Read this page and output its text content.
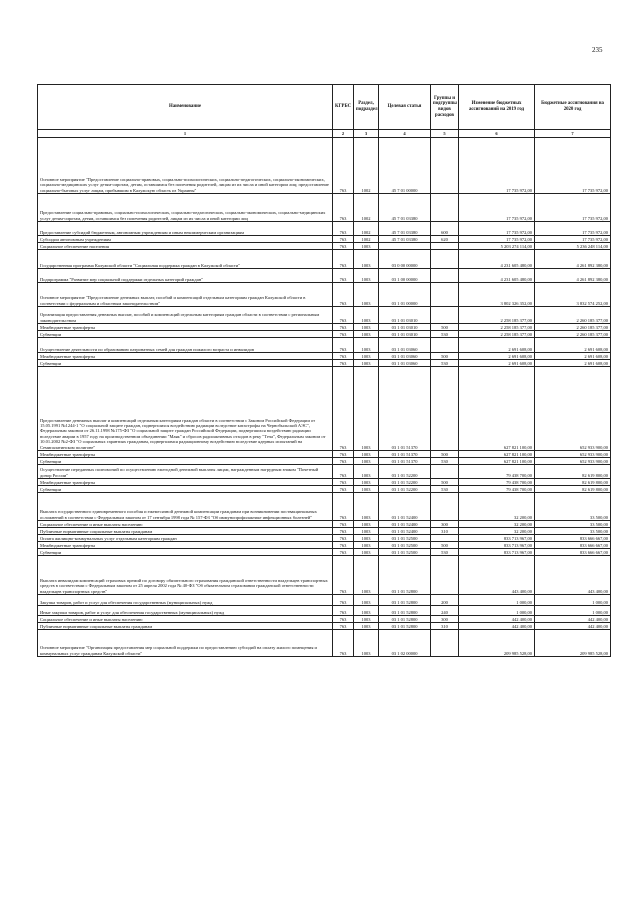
235
Наименование	КГРБС	Раздел, подраздел	Целевая статья	Группы и подгруппы видов расходов	Изменение бюджетных ассигнований на 2019 год	Бюджетные ассигнования на 2020 год
1	2	3	4	5	6	7
Основное мероприятие "Предоставление социально-правовых, социально-психологических, социально-педагогических, социально-экономических, социально-медицинских услуг детям-сиротам, детям, оставшимся без попечения родителей, лицам из их числа и иной категории лиц; предоставление социально-бытовых услуг лицам, прибывшим в Калужскую область из Украины"	763	1002	45 7 01 00000		17 735 972,00	17 735 972,00
Предоставление социально-правовых, социально-психологических, социально-педагогических, социально-экономических, социально-медицинских услуг детям-сиротам, детям, оставшимся без попечения родителей, лицам из их числа и иной категории лиц	763	1002	45 7 01 03380		17 735 972,00	17 735 972,00
Предоставление субсидий бюджетным, автономным учреждениям и иным некоммерческим организациям	763	1002	45 7 01 03380	600	17 735 972,00	17 735 972,00
Субсидии автономным учреждениям	763	1002	45 7 01 03380	620	17 735 972,00	17 735 972,00
Социальное обеспечение населения	763	1003			5 203 274 114,00	5 236 248 114,00
Государственная программа Калужской области "Социальная поддержка граждан в Калужской области"	763	1003	03 0 00 00000		4 231 605 480,00	4 261 892 380,00
Подпрограмма "Развитие мер социальной поддержки отдельных категорий граждан"	763	1003	03 1 00 00000		4 231 605 480,00	4 261 892 380,00
Основное мероприятие "Предоставление денежных выплат, пособий и компенсаций отдельным категориям граждан Калужской области в соответствии с федеральным и областным законодательством"	763	1003	03 1 01 00000		3 802 326 352,00	3 832 574 252,00
Организация предоставления денежных выплат, пособий и компенсаций отдельным категориям граждан области в соответствии с региональным законодательством	763	1003	03 1 01 03010		2 258 185 377,00	2 260 185 377,00
Межбюджетные трансферты	763	1003	03 1 01 03010	500	2 258 185 377,00	2 260 185 377,00
Субвенции	763	1003	03 1 01 03010	530	2 258 185 377,00	2 260 185 377,00
Осуществление деятельности по образованию патронатных семей для граждан пожилого возраста и инвалидов	763	1003	03 1 01 03060		2 691 608,00	2 691 608,00
Межбюджетные трансферты	763	1003	03 1 01 03060	500	2 691 608,00	2 691 608,00
Субвенции	763	1003	03 1 01 03060	530	2 691 608,00	2 691 608,00
Предоставление денежных выплат и компенсаций отдельным категориям граждан области в соответствии с Законом Российской Федерации от 15.05.1991 №1244-1 "О социальной защите граждан, подвергшихся воздействию радиации вследствие катастрофы на Чернобыльской АЭС", Федеральным законом от 26.11.1998 №175-ФЗ "О социальной защите граждан Российской Федерации, подвергшихся воздействию радиации вследствие аварии в 1957 году на производственном объединении "Маяк" и сбросов радиоактивных отходов в реку "Теча", Федеральным законом от 10.01.2002 №2-ФЗ "О социальных гарантиях гражданам, подвергшимся радиационному воздействию вследствие ядерных испытаний на Семипалатинском полигоне"	763	1003	03 1 01 51370		627 821 100,00	652 933 900,00
Межбюджетные трансферты	763	1003	03 1 01 51370	500	627 821 100,00	652 933 900,00
Субвенции	763	1003	03 1 01 51370	530	627 821 100,00	652 933 900,00
Осуществление переданных полномочий по осуществлению ежегодной денежной выплаты лицам, награжденным нагрудным знаком "Почетный донор России"	763	1003	03 1 01 52200		79 438 700,00	82 619 800,00
Межбюджетные трансферты	763	1003	03 1 01 52200	500	79 438 700,00	82 619 800,00
Субвенции	763	1003	03 1 01 52200	530	79 438 700,00	82 619 800,00
Выплата государственного единовременного пособия и ежемесячной денежной компенсации гражданам при возникновении поствакцинальных осложнений в соответствии с Федеральным законом от 17 сентября 1998 года № 157-ФЗ "Об иммунопрофилактике инфекционных болезней"	763	1003	03 1 01 52400		32 200,00	33 500,00
Социальное обеспечение и иные выплаты населению	763	1003	03 1 01 52400	300	32 200,00	33 500,00
Публичные нормативные социальные выплаты гражданам	763	1003	03 1 01 52400	310	32 200,00	33 500,00
Оплата жилищно-коммунальных услуг отдельным категориям граждан	763	1003	03 1 01 52500		833 713 967,00	833 666 667,00
Межбюджетные трансферты	763	1003	03 1 01 52500	500	833 713 967,00	833 666 667,00
Субвенции	763	1003	03 1 01 52500	530	833 713 967,00	833 666 667,00
Выплата инвалидам компенсаций страховых премий по договору обязательного страхования гражданской ответственности владельцев транспортных средств в соответствии с Федеральным законом от 25 апреля 2002 года № 40-ФЗ "Об обязательном страховании гражданской ответственности владельцев транспортных средств"	763	1003	03 1 01 52800		443 400,00	443 400,00
Закупка товаров, работ и услуг для обеспечения государственных (муниципальных) нужд	763	1003	03 1 01 52800	200	1 000,00	1 000,00
Иные закупки товаров, работ и услуг для обеспечения государственных (муниципальных) нужд	763	1003	03 1 01 52800	240	1 000,00	1 000,00
Социальное обеспечение и иные выплаты населению	763	1003	03 1 01 52800	300	442 400,00	442 400,00
Публичные нормативные социальные выплаты гражданам	763	1003	03 1 01 52800	310	442 400,00	442 400,00
Основное мероприятие "Организация предоставления мер социальной поддержки по предоставлению субсидий на оплату жилого помещения и коммунальных услуг гражданам Калужской области"	763	1003	03 1 02 00000		209 985 528,00	209 985 528,00
